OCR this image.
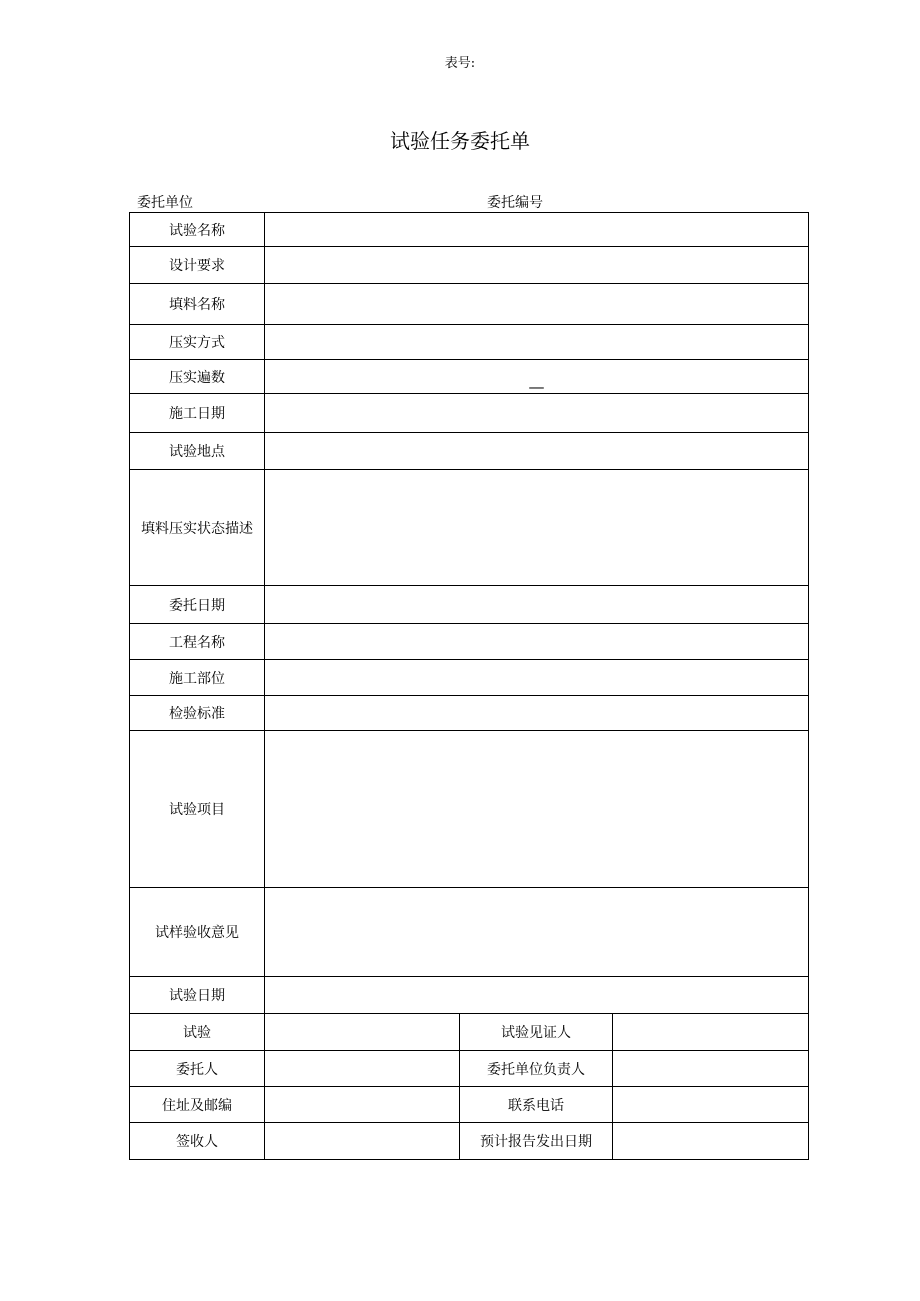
表号:
试验任务委托单
委托单位	委托编号
试验名称			
设计要求			
填料名称			
压实方式			
压实遍数	—		
施工日期			
试验地点			
填料压实状态描述			
委托日期			
工程名称			
施工部位			
检验标准			
试验项目			
试样验收意见			
试验日期			
试验		试验见证人	
委托人		委托单位负责人	
住址及邮编		联系电话	
签收人		预计报告发出日期	
